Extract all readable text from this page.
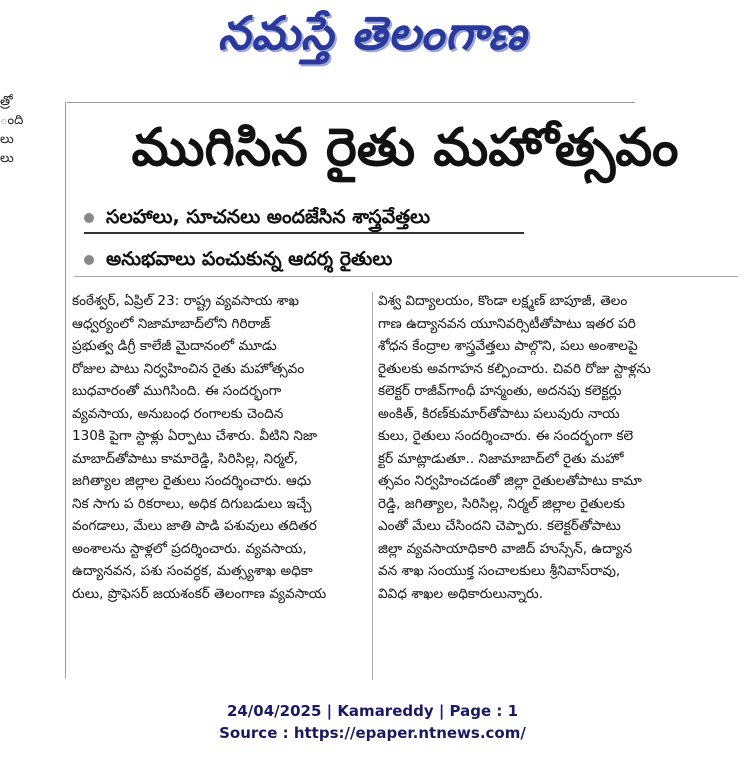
నమస్తే తెలంగాణ
త్రో
ంది
లు
లు	ముగిసిన రైతు మహోత్సవం
సలహాలు, సూచనలు అందజేసిన శాస్త్రవేత్తలు
అనుభవాలు పంచుకున్న ఆదర్శ రైతులు
కంఠేశ్వర్, ఏప్రిల్ 23: రాష్ట్ర వ్యవసాయ శాఖ
ఆధ్వర్యంలో నిజామాబాద్‌లోని గిరిరాజ్
ప్రభుత్వ డిగ్రీ కాలేజీ మైదానంలో మూడు
రోజుల పాటు నిర్వహించిన రైతు మహోత్సవం
బుధవారంతో ముగిసింది. ఈ సందర్భంగా
వ్యవసాయ, అనుబంధ రంగాలకు చెందిన
130కి పైగా స్టాళ్లు ఏర్పాటు చేశారు. వీటిని నిజా
మాబాద్‌తోపాటు కామారెడ్డి, సిరిసిల్ల, నిర్మల్,
జగిత్యాల జిల్లాల రైతులు సందర్శించారు. ఆధు
నిక సాగు ప రికరాలు, అధిక దిగుబడులు ఇచ్చే
వంగడాలు, మేలు జాతి పాడి పశువులు తదితర
అంశాలను స్టాళ్లలో ప్రదర్శించారు. వ్యవసాయ,
ఉద్యానవన, పశు సంవర్ధక, మత్స్యశాఖ అధికా
రులు, ప్రొఫెసర్ జయశంకర్ తెలంగాణ వ్యవసాయ
విశ్వ విద్యాలయం, కొండా లక్ష్మణ్ బాపూజీ, తెలం
గాణ ఉద్యానవన యూనివర్సిటీతోపాటు ఇతర పరి
శోధన కేంద్రాల శాస్త్రవేత్తలు పాల్గొని, పలు అంశాలపై
రైతులకు అవగాహన కల్పించారు. చివరి రోజు స్టాళ్లను
కలెక్టర్ రాజీవ్‌గాంధీ హన్మంతు, అదనపు కలెక్టర్లు
అంకిత్, కిరణ్‌కుమార్‌తోపాటు పలువురు నాయ
కులు, రైతులు సందర్శించారు. ఈ సందర్భంగా కలె
క్టర్ మాట్లాడుతూ.. నిజామాబాద్‌లో రైతు మహో
త్సవం నిర్వహించడంతో జిల్లా రైతులతోపాటు కామా
రెడ్డి, జగిత్యాల, సిరిసిల్ల, నిర్మల్ జిల్లాల రైతులకు
ఎంతో మేలు చేసిందని చెప్పారు. కలెక్టర్‌తోపాటు
జిల్లా వ్యవసాయాధికారి వాజిద్ హుస్సేన్, ఉద్యాన
వన శాఖ సంయుక్త సంచాలకులు శ్రీనివాస్‌రావు,
వివిధ శాఖల అధికారులున్నారు.
24/04/2025 | Kamareddy | Page : 1
Source : https://epaper.ntnews.com/
